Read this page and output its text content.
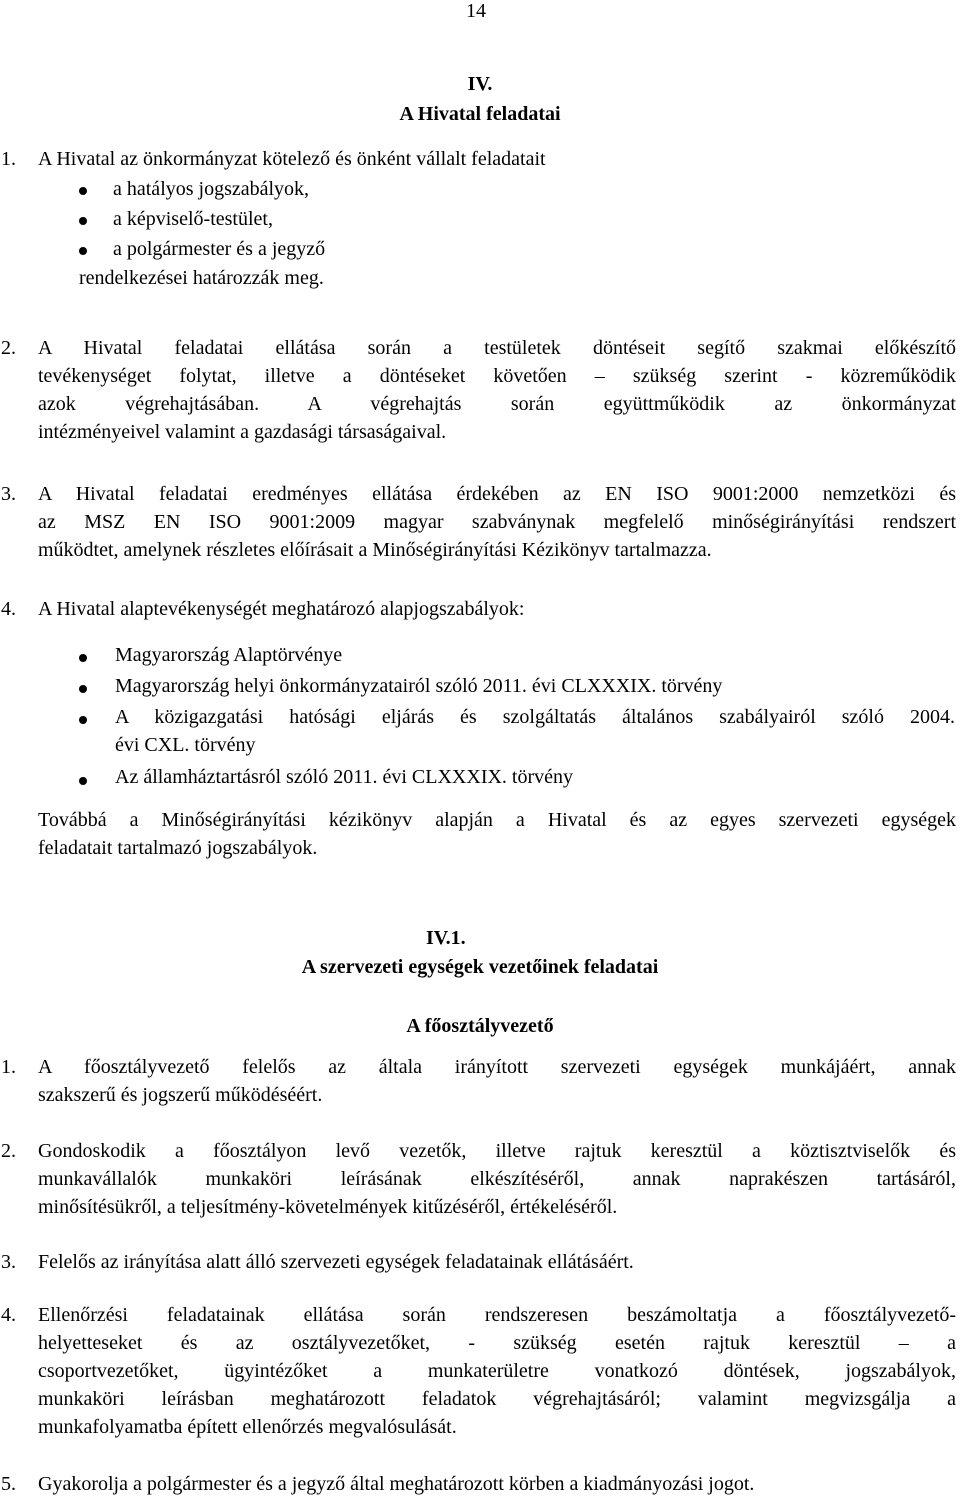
14
IV.
A Hivatal feladatai
1. A Hivatal az önkormányzat kötelező és önként vállalt feladatait
a hatályos jogszabályok,
a képviselő-testület,
a polgármester és a jegyző
rendelkezései határozzák meg.
2. A Hivatal feladatai ellátása során a testületek döntéseit segítő szakmai előkészítő
tevékenységet folytat, illetve a döntéseket követően – szükség szerint - közreműködik
azok végrehajtásában. A végrehajtás során együttműködik az önkormányzat
intézményeivel valamint a gazdasági társaságaival.
3. A Hivatal feladatai eredményes ellátása érdekében az EN ISO 9001:2000 nemzetközi és
az MSZ EN ISO 9001:2009 magyar szabványnak megfelelő minőségirányítási rendszert
működtet, amelynek részletes előírásait a Minőségirányítási Kézikönyv tartalmazza.
4. A Hivatal alaptevékenységét meghatározó alapjogszabályok:
Magyarország Alaptörvénye
Magyarország helyi önkormányzatairól szóló 2011. évi CLXXXIX. törvény
A közigazgatási hatósági eljárás és szolgáltatás általános szabályairól szóló 2004.
évi CXL. törvény
Az államháztartásról szóló 2011. évi CLXXXIX. törvény
Továbbá a Minőségirányítási kézikönyv alapján a Hivatal és az egyes szervezeti egységek
feladatait tartalmazó jogszabályok.
IV.1.
A szervezeti egységek vezetőinek feladatai
A főosztályvezető
1. A főosztályvezető felelős az általa irányított szervezeti egységek munkájáért, annak
szakszerű és jogszerű működéséért.
2. Gondoskodik a főosztályon levő vezetők, illetve rajtuk keresztül a köztisztviselők és
munkavállalók munkaköri leírásának elkészítéséről, annak naprakészen tartásáról,
minősítésükről, a teljesítmény-követelmények kitűzéséről, értékeléséről.
3. Felelős az irányítása alatt álló szervezeti egységek feladatainak ellátásáért.
4. Ellenőrzési feladatainak ellátása során rendszeresen beszámoltatja a főosztályvezető-
helyetteseket és az osztályvezetőket, - szükség esetén rajtuk keresztül – a
csoportvezetőket, ügyintézőket a munkaterületre vonatkozó döntések, jogszabályok,
munkaköri leírásban meghatározott feladatok végrehajtásáról; valamint megvizsgálja a
munkafolyamatba épített ellenőrzés megvalósulását.
5. Gyakorolja a polgármester és a jegyző által meghatározott körben a kiadmányozási jogot.
